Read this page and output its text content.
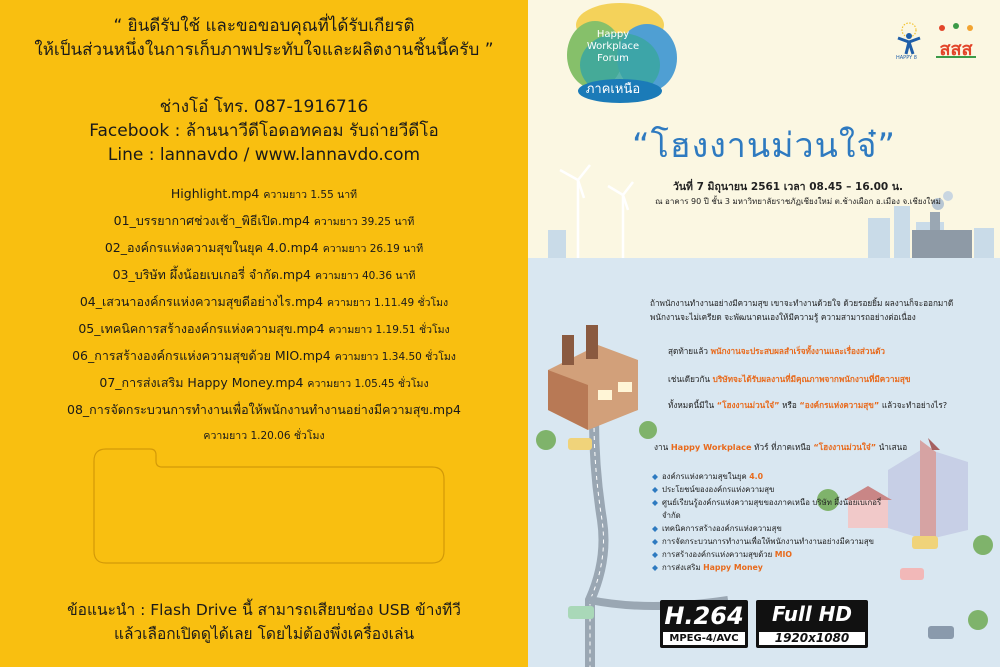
“ ยินดีรับใช้ และขอขอบคุณที่ได้รับเกียรติ
ให้เป็นส่วนหนึ่งในการเก็บภาพประทับใจและผลิตงานชิ้นนี้ครับ ”
ช่างโอ๋ โทร. 087-1916716
Facebook : ล้านนาวีดีโอดอทคอม รับถ่ายวีดีโอ
Line : lannavdo / www.lannavdo.com
Highlight.mp4 ความยาว 1.55 นาที
01_บรรยากาศช่วงเช้า_พิธีเปิด.mp4 ความยาว 39.25 นาที
02_องค์กรแห่งความสุขในยุค 4.0.mp4 ความยาว 26.19 นาที
03_บริษัท ผึ้งน้อยเบเกอรี่ จำกัด.mp4 ความยาว 40.36 นาที
04_เสวนาองค์กรแห่งความสุขดีอย่างไร.mp4 ความยาว 1.11.49 ชั่วโมง
05_เทคนิคการสร้างองค์กรแห่งความสุข.mp4 ความยาว 1.19.51 ชั่วโมง
06_การสร้างองค์กรแห่งความสุขด้วย MIO.mp4 ความยาว 1.34.50 ชั่วโมง
07_การส่งเสริม Happy Money.mp4 ความยาว 1.05.45 ชั่วโมง
08_การจัดกระบวนการทำงานเพื่อให้พนักงานทำงานอย่างมีความสุข.mp4
ความยาว 1.20.06 ชั่วโมง
ข้อแนะนำ : Flash Drive นี้ สามารถเสียบช่อง USB ข้างทีวี
แล้วเลือกเปิดดูได้เลย โดยไม่ต้องพึ่งเครื่องเล่น
Happy
Workplace
Forum
ภาคเหนือ
HAPPY 8	สสส
“โฮงงานม่วนใจ๋”
วันที่ 7 มิถุนายน 2561 เวลา 08.45 – 16.00 น.
ณ อาคาร 90 ปี ชั้น 3 มหาวิทยาลัยราชภัฏเชียงใหม่ ต.ช้างเผือก อ.เมือง จ.เชียงใหม่
ถ้าพนักงานทำงานอย่างมีความสุข เขาจะทำงานด้วยใจ ด้วยรอยยิ้ม ผลงานก็จะออกมาดี พนักงานจะไม่เครียด จะพัฒนาตนเองให้มีความรู้ ความสามารถอย่างต่อเนื่อง
สุดท้ายแล้ว พนักงานจะประสบผลสำเร็จทั้งงานและเรื่องส่วนตัว
เช่นเดียวกัน บริษัทจะได้รับผลงานที่มีคุณภาพจากพนักงานที่มีความสุข
ทั้งหมดนี้มีใน “โฮงงานม่วนใจ๋” หรือ “องค์กรแห่งความสุข” แล้วจะทำอย่างไร?
งาน Happy Workplace ทัวร์ ที่ภาคเหนือ “โฮงงานม่วนใจ๋” นำเสนอ
◆ องค์กรแห่งความสุขในยุค 4.0
◆ ประโยชน์ขององค์กรแห่งความสุข
◆ ศูนย์เรียนรู้องค์กรแห่งความสุขของภาคเหนือ บริษัท ผึ้งน้อยเบเกอรี่ จำกัด
◆ เทคนิคการสร้างองค์กรแห่งความสุข
◆ การจัดกระบวนการทำงานเพื่อให้พนักงานทำงานอย่างมีความสุข
◆ การสร้างองค์กรแห่งความสุขด้วย MIO
◆ การส่งเสริม Happy Money
H.264
MPEG-4/AVC
Full HD
1920x1080
